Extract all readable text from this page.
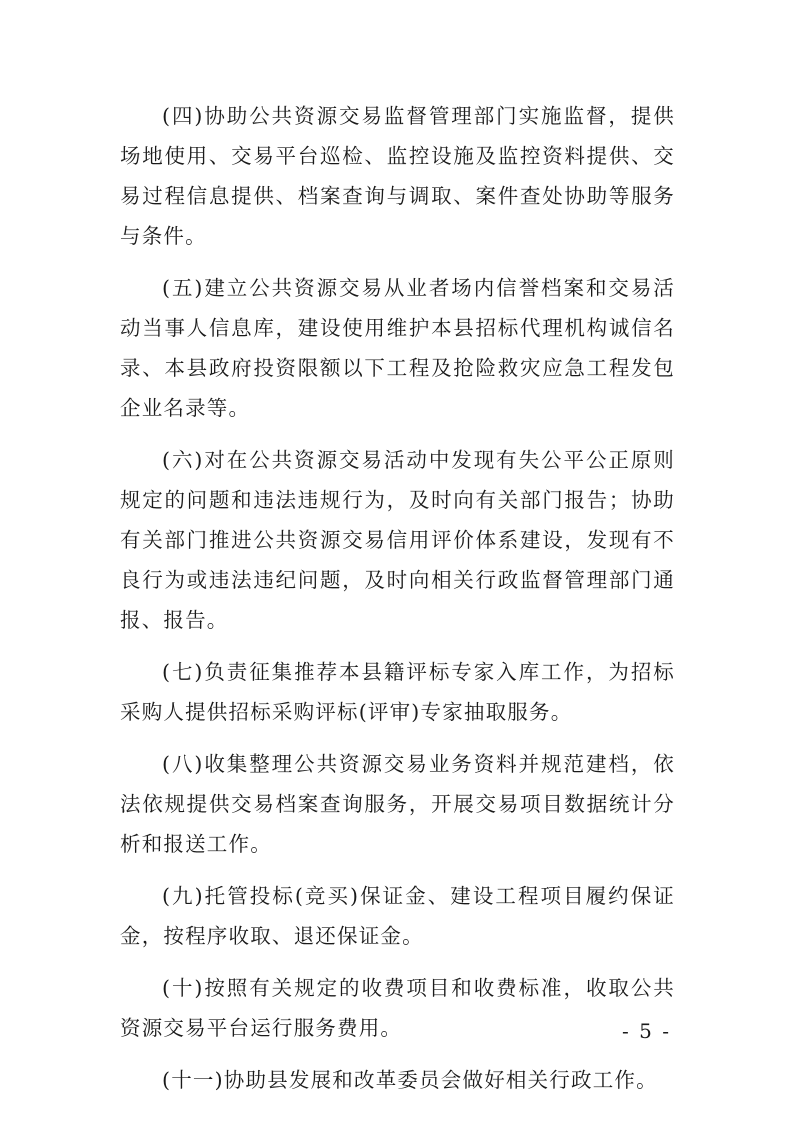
(四)协助公共资源交易监督管理部门实施监督，提供场地使用、交易平台巡检、监控设施及监控资料提供、交易过程信息提供、档案查询与调取、案件查处协助等服务与条件。

(五)建立公共资源交易从业者场内信誉档案和交易活动当事人信息库，建设使用维护本县招标代理机构诚信名录、本县政府投资限额以下工程及抢险救灾应急工程发包企业名录等。

(六)对在公共资源交易活动中发现有失公平公正原则规定的问题和违法违规行为，及时向有关部门报告；协助有关部门推进公共资源交易信用评价体系建设，发现有不良行为或违法违纪问题，及时向相关行政监督管理部门通报、报告。

(七)负责征集推荐本县籍评标专家入库工作，为招标采购人提供招标采购评标(评审)专家抽取服务。

(八)收集整理公共资源交易业务资料并规范建档，依法依规提供交易档案查询服务，开展交易项目数据统计分析和报送工作。

(九)托管投标(竞买)保证金、建设工程项目履约保证金，按程序收取、退还保证金。

(十)按照有关规定的收费项目和收费标准，收取公共资源交易平台运行服务费用。

(十一)协助县发展和改革委员会做好相关行政工作。

- 5 -
